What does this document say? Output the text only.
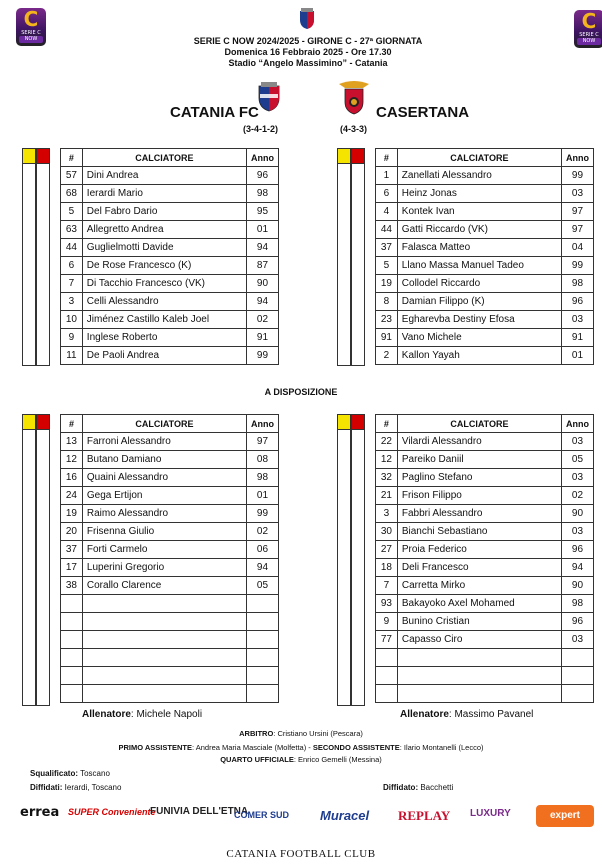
C
SERIE C
NOW
C
SERIE C
NOW
SERIE C NOW 2024/2025 - GIRONE C - 27ª GIORNATA
Domenica 16 Febbraio 2025 - Ore 17.30
Stadio “Angelo Massimino” - Catania
CATANIA FC
(3-4-1-2)
CASERTANA
(4-3-3)
#	CALCIATORE	Anno
57	Dini Andrea	96
68	Ierardi Mario	98
5	Del Fabro Dario	95
63	Allegretto Andrea	01
44	Guglielmotti Davide	94
6	De Rose Francesco (K)	87
7	Di Tacchio Francesco (VK)	90
3	Celli Alessandro	94
10	Jiménez Castillo Kaleb Joel	02
9	Inglese Roberto	91
11	De Paoli Andrea	99
#	CALCIATORE	Anno
1	Zanellati Alessandro	99
6	Heinz Jonas	03
4	Kontek Ivan	97
44	Gatti Riccardo (VK)	97
37	Falasca Matteo	04
5	Llano Massa Manuel Tadeo	99
19	Collodel Riccardo	98
8	Damian Filippo (K)	96
23	Egharevba Destiny Efosa	03
91	Vano Michele	91
2	Kallon Yayah	01
A DISPOSIZIONE
#	CALCIATORE	Anno
13	Farroni Alessandro	97
12	Butano Damiano	08
16	Quaini Alessandro	98
24	Gega Ertijon	01
19	Raimo Alessandro	99
20	Frisenna Giulio	02
37	Forti Carmelo	06
17	Luperini Gregorio	94
38	Corallo Clarence	05

#	CALCIATORE	Anno
22	Vilardi Alessandro	03
12	Pareiko Daniil	05
32	Paglino Stefano	03
21	Frison Filippo	02
3	Fabbri Alessandro	90
30	Bianchi Sebastiano	03
27	Proia Federico	96
18	Deli Francesco	94
7	Carretta Mirko	90
93	Bakayoko Axel Mohamed	98
9	Bunino Cristian	96
77	Capasso Ciro	03

Allenatore: Michele Napoli	Allenatore: Massimo Pavanel
ARBITRO: Cristiano Ursini (Pescara)
PRIMO ASSISTENTE: Andrea Maria Masciale (Molfetta) - SECONDO ASSISTENTE: Ilario Montanelli (Lecco)
QUARTO UFFICIALE: Enrico Gemelli (Messina)
Squalificato: Toscano
Diffidati: Ierardi, Toscano	Diffidato: Bacchetti
errea SUPER Conveniente
FUNIVIA DELL'ETNA
COMER SUD Muracel REPLAY LUXURY	expert
CATANIA FOOTBALL CLUB
